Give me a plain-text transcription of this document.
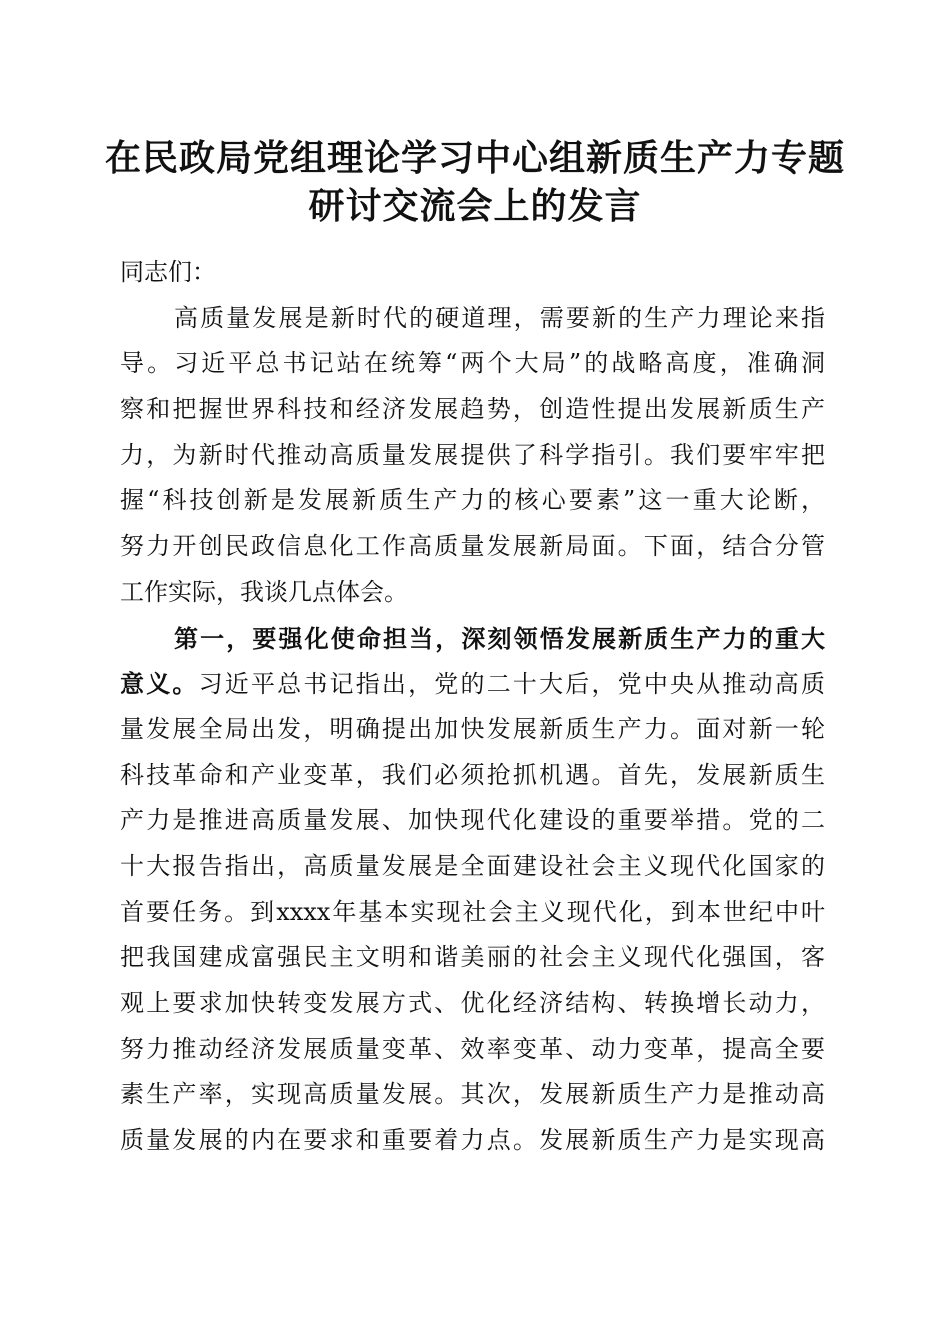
在民政局党组理论学习中心组新质生产力专题
研讨交流会上的发言
同志们：
高质量发展是新时代的硬道理，需要新的生产力理论来指
导。习近平总书记站在统筹“两个大局”的战略高度，准确洞
察和把握世界科技和经济发展趋势，创造性提出发展新质生产
力，为新时代推动高质量发展提供了科学指引。我们要牢牢把
握“科技创新是发展新质生产力的核心要素”这一重大论断，
努力开创民政信息化工作高质量发展新局面。下面，结合分管
工作实际，我谈几点体会。
第一，要强化使命担当，深刻领悟发展新质生产力的重大
意义。习近平总书记指出，党的二十大后，党中央从推动高质
量发展全局出发，明确提出加快发展新质生产力。面对新一轮
科技革命和产业变革，我们必须抢抓机遇。首先，发展新质生
产力是推进高质量发展、加快现代化建设的重要举措。党的二
十大报告指出，高质量发展是全面建设社会主义现代化国家的
首要任务。到xxxx年基本实现社会主义现代化，到本世纪中叶
把我国建成富强民主文明和谐美丽的社会主义现代化强国，客
观上要求加快转变发展方式、优化经济结构、转换增长动力，
努力推动经济发展质量变革、效率变革、动力变革，提高全要
素生产率，实现高质量发展。其次，发展新质生产力是推动高
质量发展的内在要求和重要着力点。发展新质生产力是实现高
